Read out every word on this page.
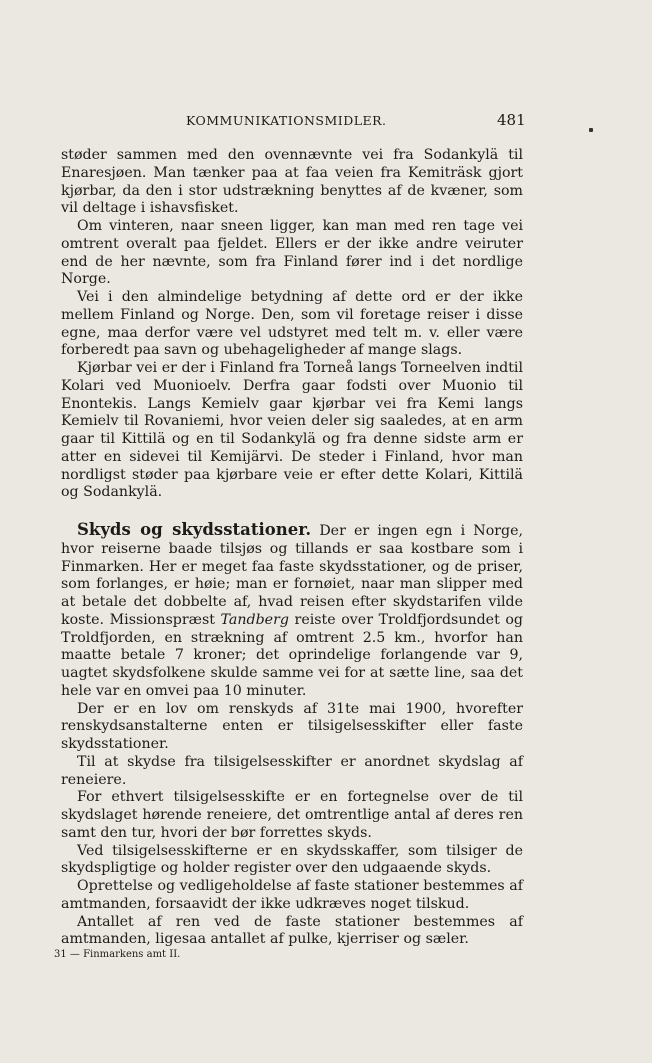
KOMMUNIKATIONSMIDLER.	481

støder sammen med den ovennævnte vei fra Sodankylä til Enaresjøen. Man tænker paa at faa veien fra Kemiträsk gjort kjørbar, da den i stor udstrækning benyttes af de kvæner, som vil deltage i ishavsfisket.

Om vinteren, naar sneen ligger, kan man med ren tage vei omtrent overalt paa fjeldet. Ellers er der ikke andre veiruter end de her nævnte, som fra Finland fører ind i det nordlige Norge.

Vei i den almindelige betydning af dette ord er der ikke mellem Finland og Norge. Den, som vil foretage reiser i disse egne, maa derfor være vel udstyret med telt m. v. eller være forberedt paa savn og ubehageligheder af mange slags.

Kjørbar vei er der i Finland fra Torneå langs Torneelven indtil Kolari ved Muonioelv. Derfra gaar fodsti over Muonio til Enontekis. Langs Kemielv gaar kjørbar vei fra Kemi langs Kemielv til Rovaniemi, hvor veien deler sig saaledes, at en arm gaar til Kittilä og en til Sodankylä og fra denne sidste arm er atter en sidevei til Kemijärvi. De steder i Finland, hvor man nordligst støder paa kjørbare veie er efter dette Kolari, Kittilä og Sodankylä.

Skyds og skydsstationer. Der er ingen egn i Norge, hvor reiserne baade tilsjøs og tillands er saa kostbare som i Finmarken. Her er meget faa faste skydsstationer, og de priser, som forlanges, er høie; man er fornøiet, naar man slipper med at betale det dobbelte af, hvad reisen efter skydstarifen vilde koste. Missionspræst Tandberg reiste over Troldfjordsundet og Troldfjorden, en strækning af omtrent 2.5 km., hvorfor han maatte betale 7 kroner; det oprindelige forlangende var 9, uagtet skydsfolkene skulde samme vei for at sætte line, saa det hele var en omvei paa 10 minuter.

Der er en lov om renskyds af 31te mai 1900, hvorefter renskydsanstalterne enten er tilsigelsesskifter eller faste skydsstationer.

Til at skydse fra tilsigelsesskifter er anordnet skydslag af reneiere.

For ethvert tilsigelsesskifte er en fortegnelse over de til skydslaget hørende reneiere, det omtrentlige antal af deres ren samt den tur, hvori der bør forrettes skyds.

Ved tilsigelsesskifterne er en skydsskaffer, som tilsiger de skydspligtige og holder register over den udgaaende skyds.

Oprettelse og vedligeholdelse af faste stationer bestemmes af amtmanden, forsaavidt der ikke udkræves noget tilskud.

Antallet af ren ved de faste stationer bestemmes af amtmanden, ligesaa antallet af pulke, kjerriser og sæler.

31 — Finmarkens amt II.
